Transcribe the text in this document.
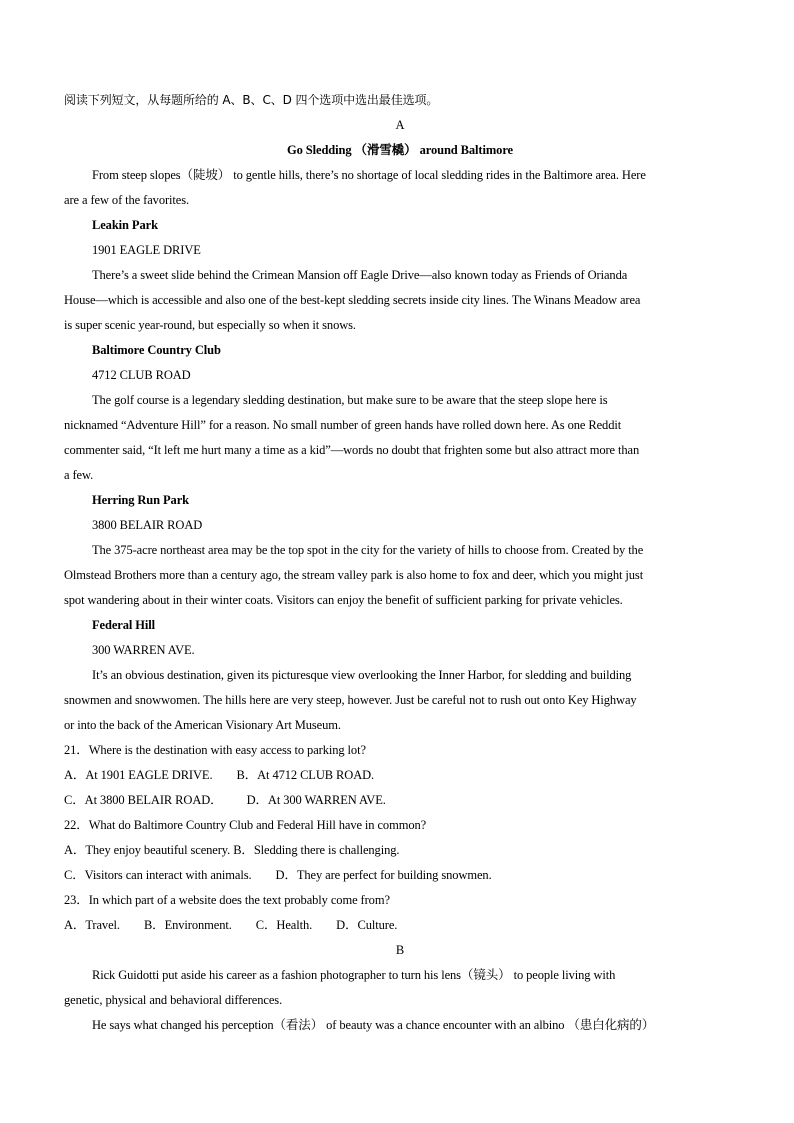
阅读下列短文，从每题所给的 A、B、C、D 四个选项中选出最佳选项。
A
Go Sledding （滑雪橇） around Baltimore
From steep slopes（陡坡） to gentle hills, there’s no shortage of local sledding rides in the Baltimore area. Here
are a few of the favorites.
Leakin Park
1901 EAGLE DRIVE
There’s a sweet slide behind the Crimean Mansion off Eagle Drive—also known today as Friends of Orianda
House—which is accessible and also one of the best-kept sledding secrets inside city lines. The Winans Meadow area
is super scenic year-round, but especially so when it snows.
Baltimore Country Club
4712 CLUB ROAD
The golf course is a legendary sledding destination, but make sure to be aware that the steep slope here is
nicknamed “Adventure Hill” for a reason. No small number of green hands have rolled down here. As one Reddit
commenter said, “It left me hurt many a time as a kid”—words no doubt that frighten some but also attract more than
a few.
Herring Run Park
3800 BELAIR ROAD
The 375-acre northeast area may be the top spot in the city for the variety of hills to choose from. Created by the
Olmstead Brothers more than a century ago, the stream valley park is also home to fox and deer, which you might just
spot wandering about in their winter coats. Visitors can enjoy the benefit of sufficient parking for private vehicles.
Federal Hill
300 WARREN AVE.
It’s an obvious destination, given its picturesque view overlooking the Inner Harbor, for sledding and building
snowmen and snowwomen. The hills here are very steep, however. Just be careful not to rush out onto Key Highway
or into the back of the American Visionary Art Museum.
21．Where is the destination with easy access to parking lot?
A．At 1901 EAGLE DRIVE. B．At 4712 CLUB ROAD.
C．At 3800 BELAIR ROAD． D．At 300 WARREN AVE.
22．What do Baltimore Country Club and Federal Hill have in common?
A．They enjoy beautiful scenery. B．Sledding there is challenging.
C．Visitors can interact with animals. D．They are perfect for building snowmen.
23．In which part of a website does the text probably come from?
A．Travel. B．Environment. C．Health. D．Culture.
B
Rick Guidotti put aside his career as a fashion photographer to turn his lens（镜头） to people living with
genetic, physical and behavioral differences.
He says what changed his perception（看法） of beauty was a chance encounter with an albino （患白化病的）
